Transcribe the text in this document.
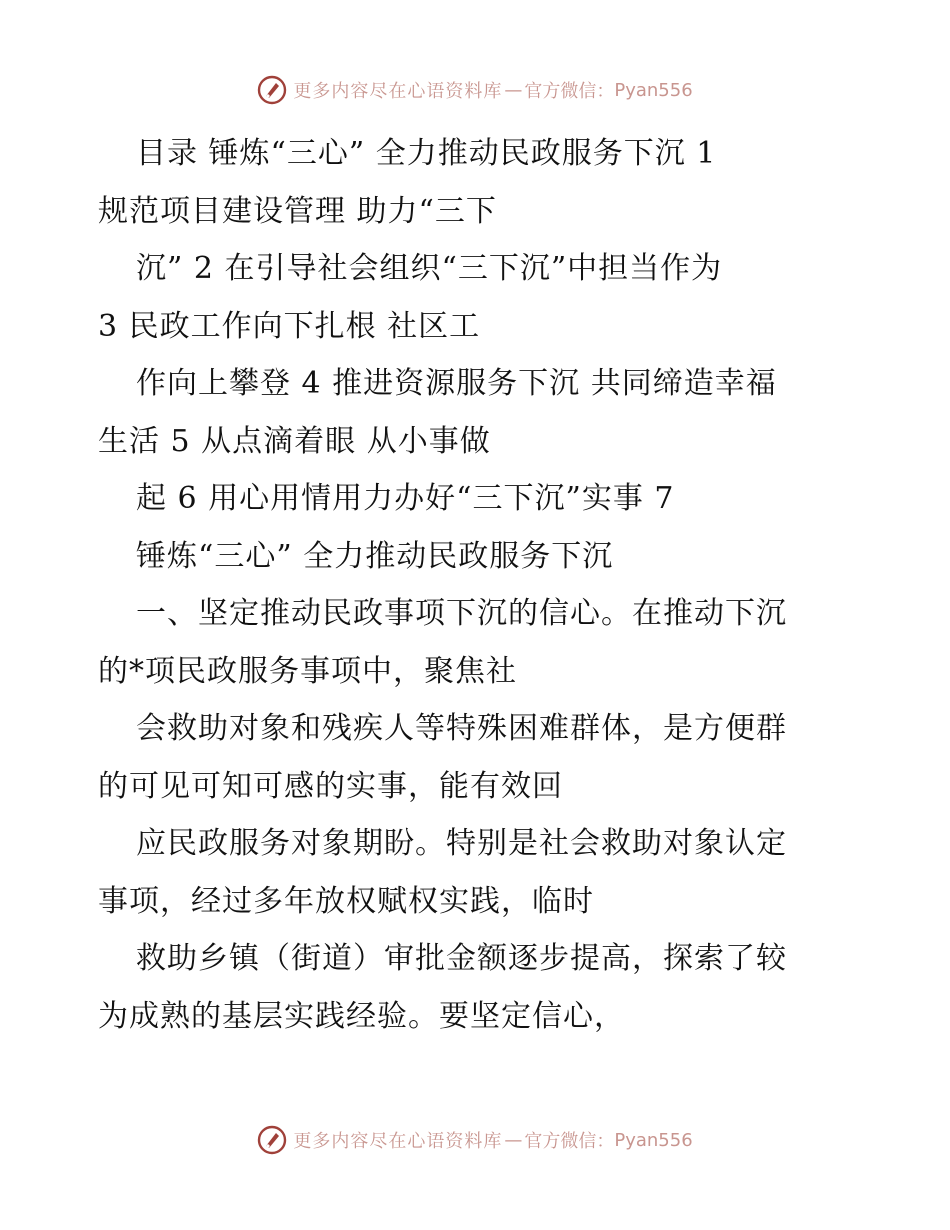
更多内容尽在心语资料库 — 官方微信： Pyan556
目录 锤炼“三心” 全力推动民政服务下沉 1
规范项目建设管理 助力“三下
沉” 2 在引导社会组织“三下沉”中担当作为
3 民政工作向下扎根 社区工
作向上攀登 4 推进资源服务下沉 共同缔造幸福
生活 5 从点滴着眼 从小事做
起 6 用心用情用力办好“三下沉”实事 7
锤炼“三心” 全力推动民政服务下沉
一、坚定推动民政事项下沉的信心。在推动下沉
的*项民政服务事项中，聚焦社
会救助对象和残疾人等特殊困难群体，是方便群
的可见可知可感的实事，能有效回
应民政服务对象期盼。特别是社会救助对象认定
事项，经过多年放权赋权实践，临时
救助乡镇（街道）审批金额逐步提高，探索了较
为成熟的基层实践经验。要坚定信心，
更多内容尽在心语资料库 — 官方微信： Pyan556
